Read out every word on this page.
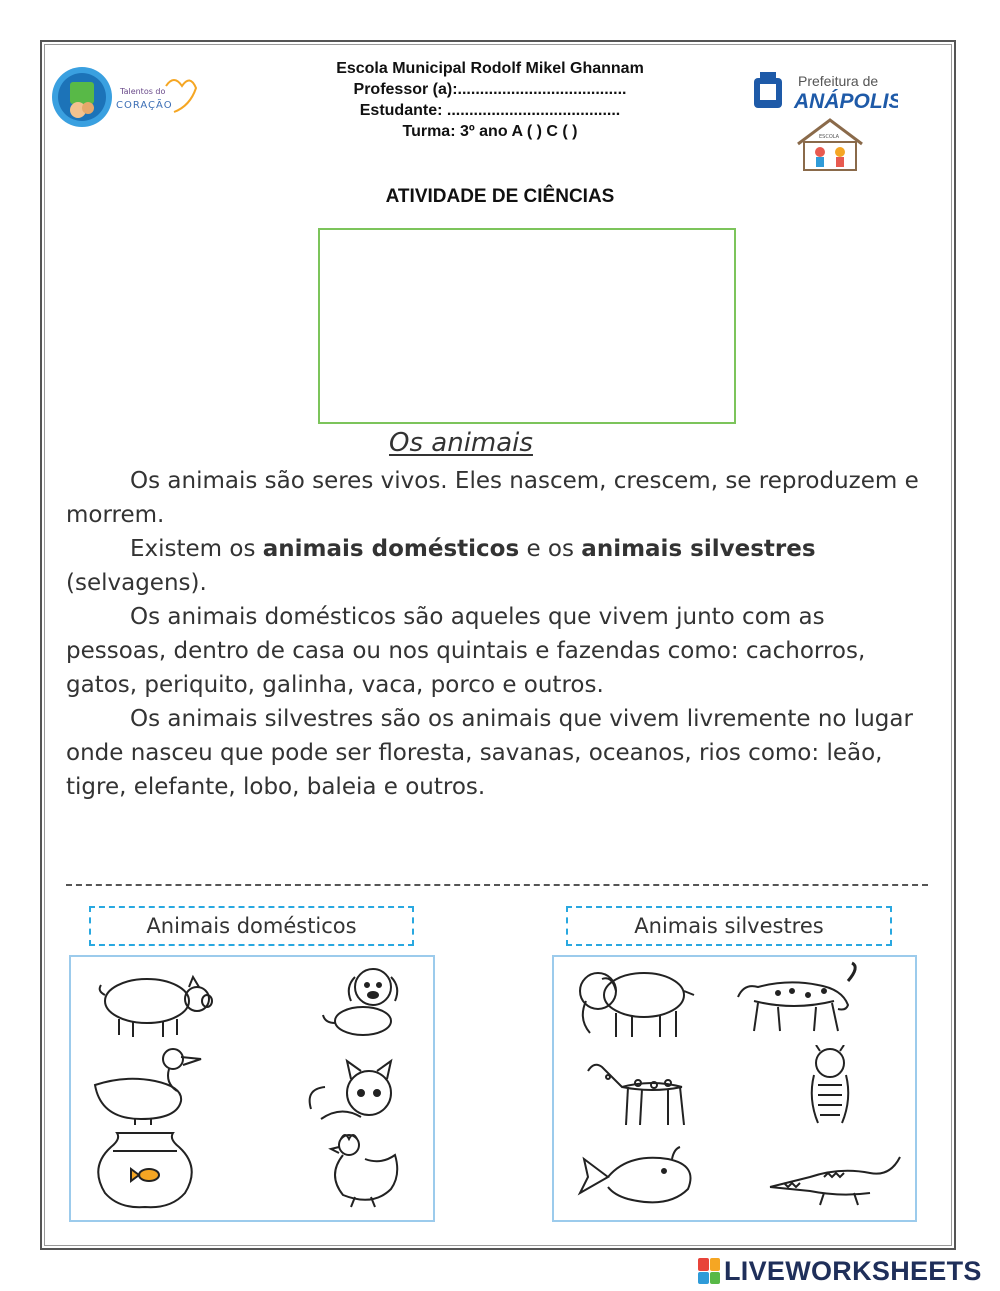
Talentos do
CORAÇÃO
Escola Municipal Rodolf Mikel Ghannam
Professor (a):......................................
Estudante: .......................................
Turma: 3º ano A ( ) C ( )
Prefeitura de
ANÁPOLIS
ESCOLA
ATIVIDADE DE CIÊNCIAS
Os animais

Os animais são seres vivos. Eles nascem, crescem, se reproduzem e morrem.

Existem os animais domésticos e os animais silvestres (selvagens).

Os animais domésticos são aqueles que vivem junto com as pessoas, dentro de casa ou nos quintais e fazendas como: cachorros, gatos, periquito, galinha, vaca, porco e outros.

Os animais silvestres são os animais que vivem livremente no lugar onde nasceu que pode ser floresta, savanas, oceanos, rios como: leão, tigre, elefante, lobo, baleia e outros.

Animais domésticos	Animais silvestres
LIVEWORKSHEETS
